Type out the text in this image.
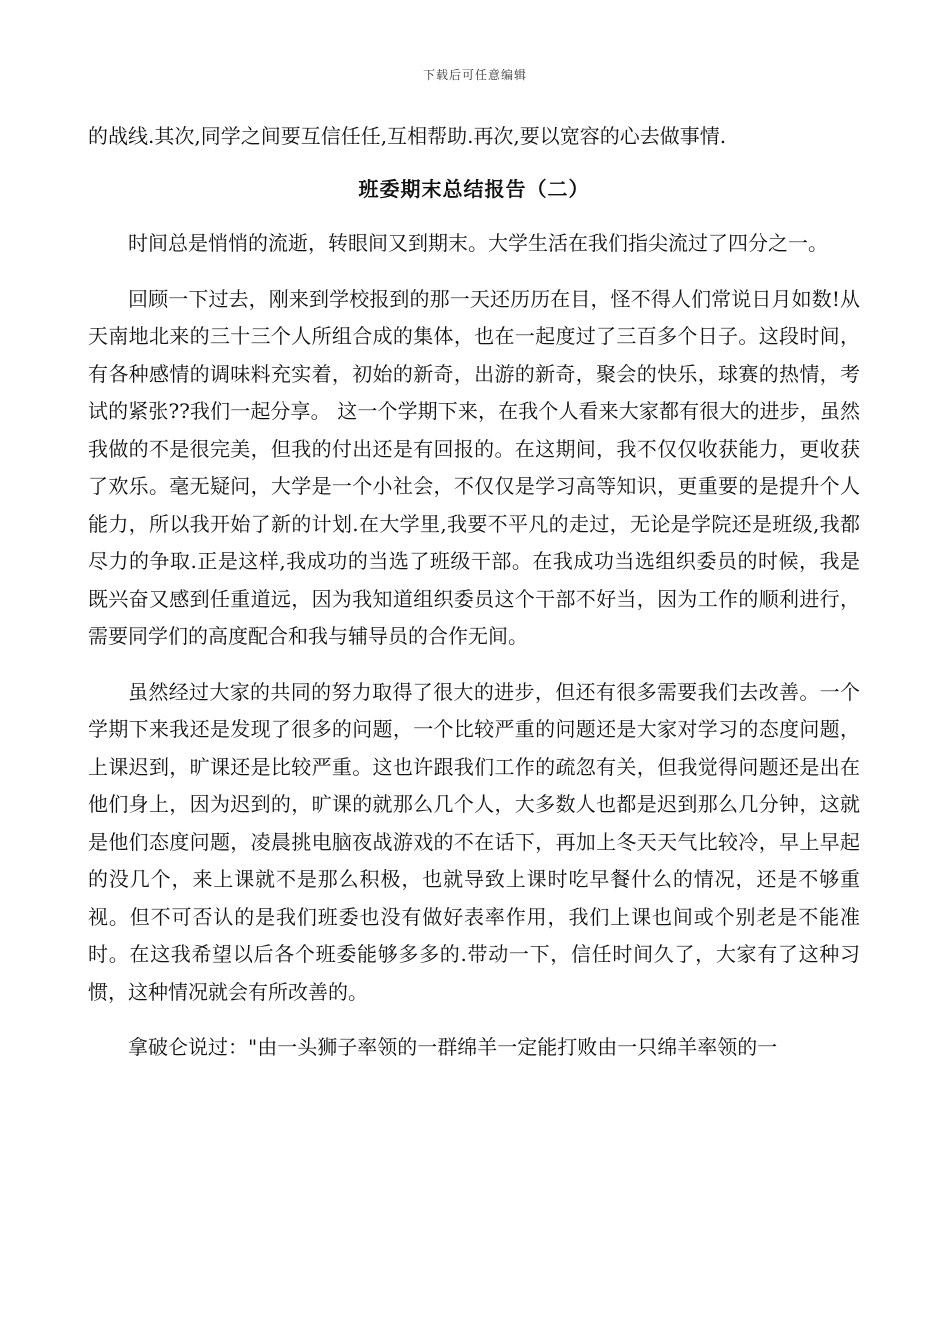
下载后可任意编辑

的战线.其次,同学之间要互信任任,互相帮助.再次,要以宽容的心去做事情.

班委期末总结报告（二）

时间总是悄悄的流逝，转眼间又到期末。大学生活在我们指尖流过了四分之一。

回顾一下过去，刚来到学校报到的那一天还历历在目，怪不得人们常说日月如数!从天南地北来的三十三个人所组合成的集体，也在一起度过了三百多个日子。这段时间，有各种感情的调味料充实着，初始的新奇，出游的新奇，聚会的快乐，球赛的热情，考试的紧张??我们一起分享。 这一个学期下来，在我个人看来大家都有很大的进步，虽然我做的不是很完美，但我的付出还是有回报的。在这期间，我不仅仅收获能力，更收获了欢乐。毫无疑问，大学是一个小社会，不仅仅是学习高等知识，更重要的是提升个人能力，所以我开始了新的计划.在大学里,我要不平凡的走过，无论是学院还是班级,我都尽力的争取.正是这样,我成功的当选了班级干部。在我成功当选组织委员的时候，我是既兴奋又感到任重道远，因为我知道组织委员这个干部不好当，因为工作的顺利进行，需要同学们的高度配合和我与辅导员的合作无间。

虽然经过大家的共同的努力取得了很大的进步，但还有很多需要我们去改善。一个学期下来我还是发现了很多的问题，一个比较严重的问题还是大家对学习的态度问题，上课迟到，旷课还是比较严重。这也许跟我们工作的疏忽有关，但我觉得问题还是出在他们身上，因为迟到的，旷课的就那么几个人，大多数人也都是迟到那么几分钟，这就是他们态度问题，凌晨挑电脑夜战游戏的不在话下，再加上冬天天气比较冷，早上早起的没几个，来上课就不是那么积极，也就导致上课时吃早餐什么的情况，还是不够重视。但不可否认的是我们班委也没有做好表率作用，我们上课也间或个别老是不能准时。在这我希望以后各个班委能够多多的.带动一下，信任时间久了，大家有了这种习惯，这种情况就会有所改善的。

拿破仑说过："由一头狮子率领的一群绵羊一定能打败由一只绵羊率领的一
